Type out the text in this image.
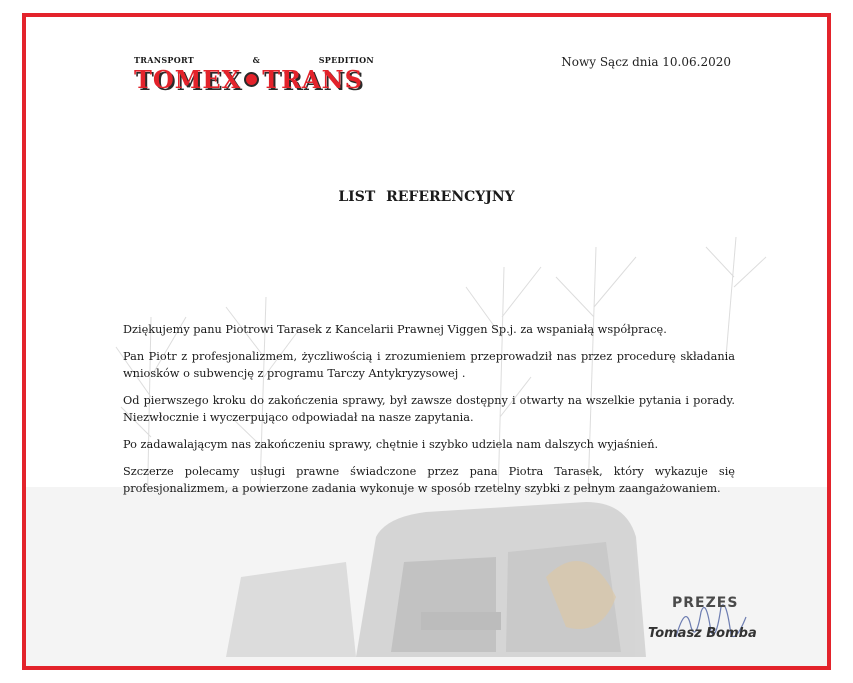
TRANSPORT	&	SPEDITION
TOMEX TRANS
Nowy Sącz dnia 10.06.2020
LIST REFERENCYJNY

Dziękujemy panu Piotrowi Tarasek z Kancelarii Prawnej Viggen Sp.j. za wspaniałą współpracę.

Pan Piotr z profesjonalizmem, życzliwością i zrozumieniem przeprowadził nas przez procedurę składania wniosków o subwencję z programu Tarczy Antykryzysowej .

Od pierwszego kroku do zakończenia sprawy, był zawsze dostępny i otwarty na wszelkie pytania i porady. Niezwłocznie i wyczerpująco odpowiadał na nasze zapytania.

Po zadawalającym nas zakończeniu sprawy, chętnie i szybko udziela nam dalszych wyjaśnień.

Szczerze polecamy usługi prawne świadczone przez pana Piotra Tarasek, który wykazuje się profesjonalizmem, a powierzone zadania wykonuje w sposób rzetelny szybki z pełnym zaangażowaniem.

PREZES
Tomasz Bomba
